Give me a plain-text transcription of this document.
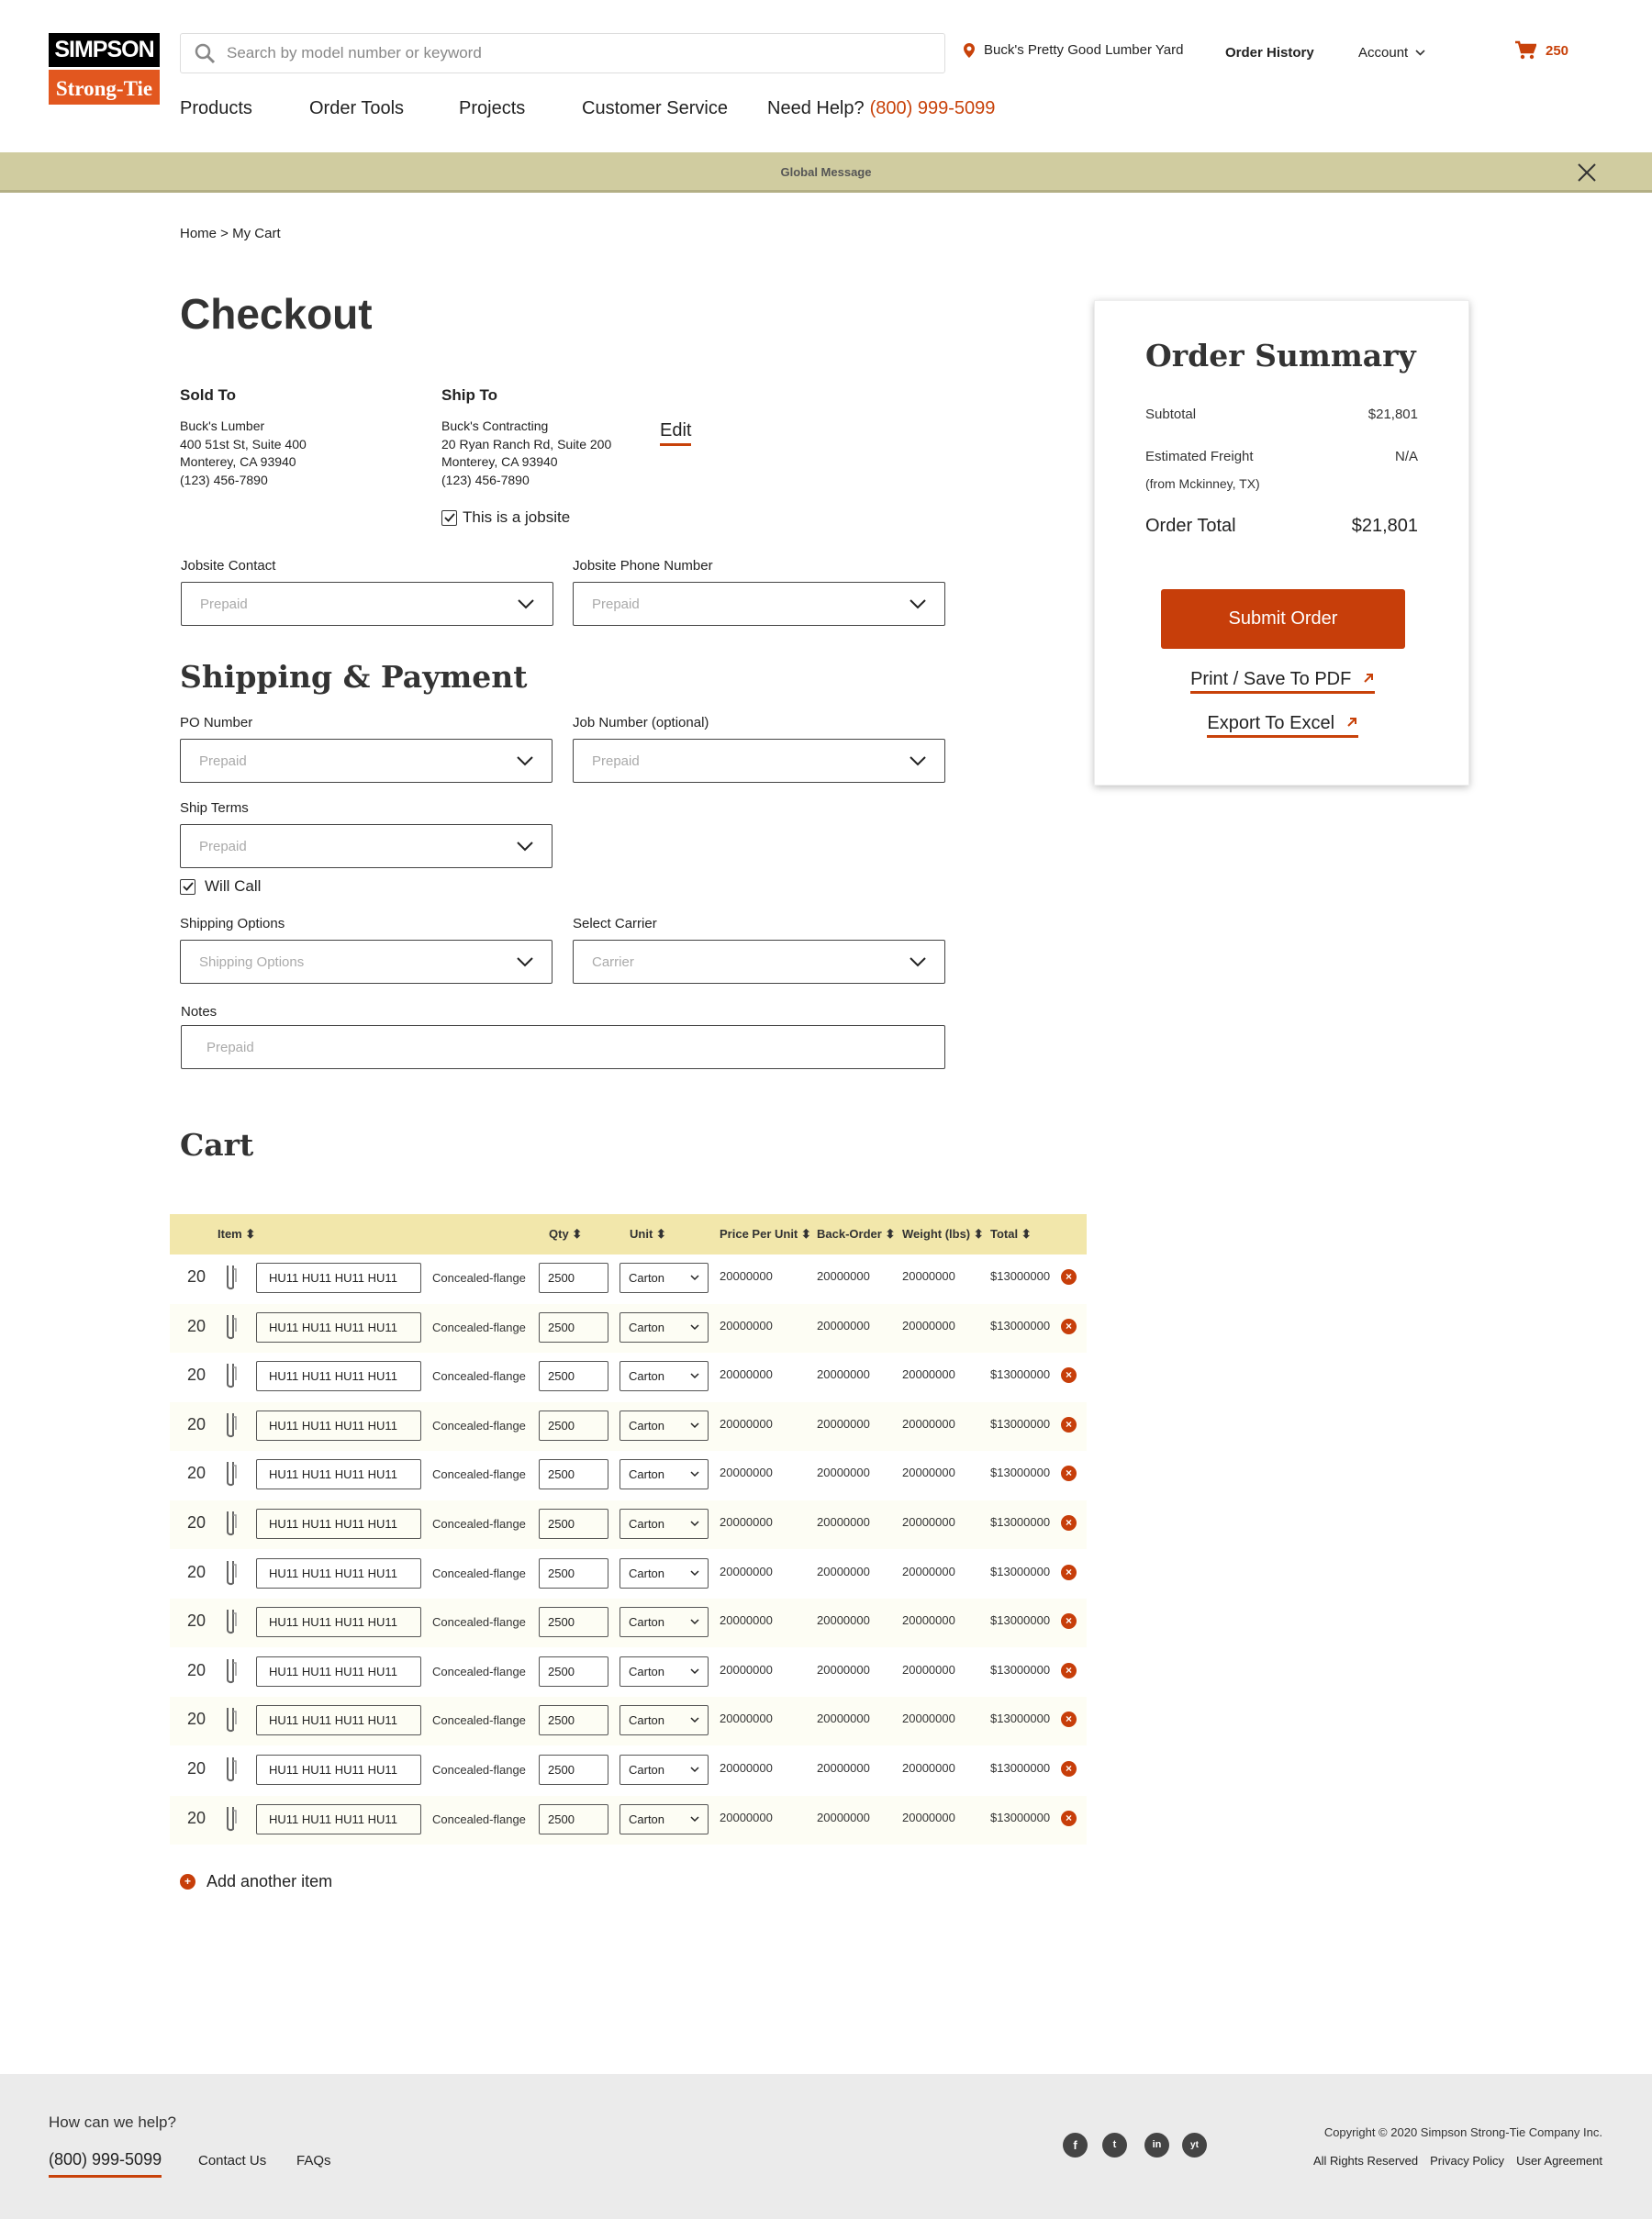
SIMPSON
Strong-Tie
Search by model number or keyword
Buck's Pretty Good Lumber Yard	Order History	Account	250
Products	Order Tools	Projects	Customer Service Need Help? (800) 999-5099
Global Message
Home > My Cart
Checkout
Sold To
Buck's Lumber
400 51st St, Suite 400
Monterey, CA 93940
(123) 456-7890
Ship To
Buck's Contracting
20 Ryan Ranch Rd, Suite 200
Monterey, CA 93940
(123) 456-7890
Edit
This is a jobsite
Jobsite Contact
Prepaid
Jobsite Phone Number
Prepaid
Shipping & Payment
PO Number
Prepaid
Job Number (optional)
Prepaid
Ship Terms
Prepaid
Will Call
Shipping Options
Shipping Options
Select Carrier
Carrier
Notes
Prepaid
Order Summary
Subtotal	$21,801
Estimated Freight	N/A
(from Mckinney, TX)
Order Total	$21,801
Submit Order
Print / Save To PDF
Export To Excel
Cart
Item ⬍	Qty ⬍	Unit ⬍	Price Per Unit ⬍ Back-Order ⬍ Weight (lbs) ⬍ Total ⬍
20	HU11 HU11 HU11 HU11	Concealed-flange	2500	Carton	20000000	20000000	20000000	$13000000	×
20	HU11 HU11 HU11 HU11	Concealed-flange	2500	Carton	20000000	20000000	20000000	$13000000	×
20	HU11 HU11 HU11 HU11	Concealed-flange	2500	Carton	20000000	20000000	20000000	$13000000	×
20	HU11 HU11 HU11 HU11	Concealed-flange	2500	Carton	20000000	20000000	20000000	$13000000	×
20	HU11 HU11 HU11 HU11	Concealed-flange	2500	Carton	20000000	20000000	20000000	$13000000	×
20	HU11 HU11 HU11 HU11	Concealed-flange	2500	Carton	20000000	20000000	20000000	$13000000	×
20	HU11 HU11 HU11 HU11	Concealed-flange	2500	Carton	20000000	20000000	20000000	$13000000	×
20	HU11 HU11 HU11 HU11	Concealed-flange	2500	Carton	20000000	20000000	20000000	$13000000	×
20	HU11 HU11 HU11 HU11	Concealed-flange	2500	Carton	20000000	20000000	20000000	$13000000	×
20	HU11 HU11 HU11 HU11	Concealed-flange	2500	Carton	20000000	20000000	20000000	$13000000	×
20	HU11 HU11 HU11 HU11	Concealed-flange	2500	Carton	20000000	20000000	20000000	$13000000	×
20	HU11 HU11 HU11 HU11	Concealed-flange	2500	Carton	20000000	20000000	20000000	$13000000	×
+ Add another item
How can we help?
(800) 999-5099	Contact Us FAQs
f	t	in	yt
Copyright © 2020 Simpson Strong-Tie Company Inc.
All Rights Reserved Privacy Policy User Agreement
